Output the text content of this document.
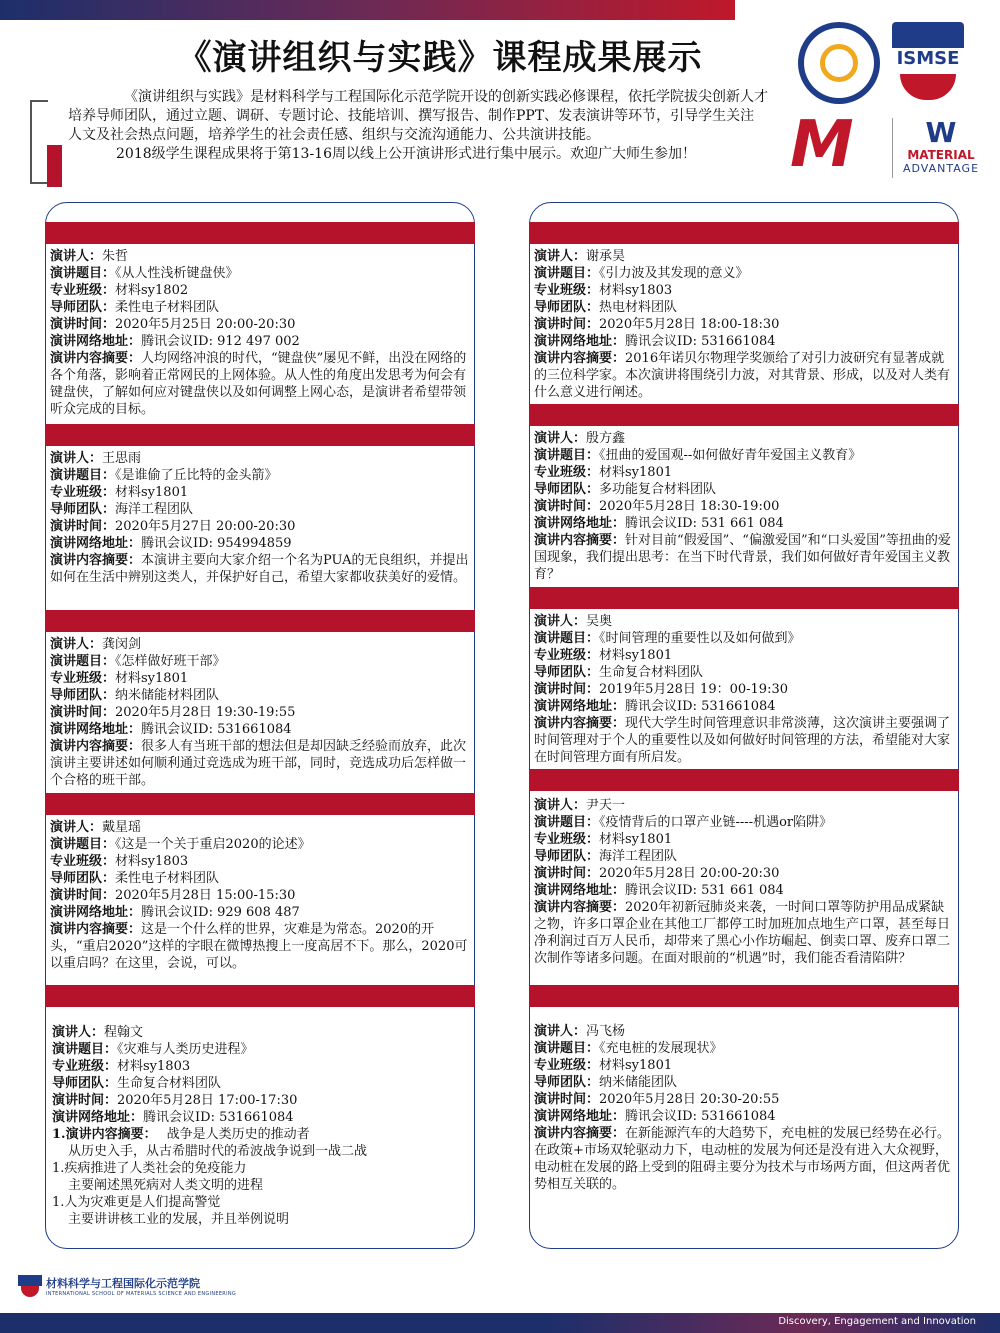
《演讲组织与实践》课程成果展示

《演讲组织与实践》是材料科学与工程国际化示范学院开设的创新实践必修课程，依托学院拔尖创新人才培养导师团队，通过立题、调研、专题讨论、技能培训、撰写报告、制作PPT、发表演讲等环节，引导学生关注人文及社会热点问题，培养学生的社会责任感、组织与交流沟通能力、公共演讲技能。

2018级学生课程成果将于第13-16周以线上公开演讲形式进行集中展示。欢迎广大师生参加！

ISMSE
M	W
MATERIAL
ADVANTAGE
演讲人：朱哲
演讲题目：《从人性浅析键盘侠》
专业班级：材料sy1802
导师团队：柔性电子材料团队
演讲时间：2020年5月25日 20:00-20:30
演讲网络地址：腾讯会议ID: 912 497 002
演讲内容摘要：人均网络冲浪的时代，“键盘侠”屡见不鲜，出没在网络的各个角落，影响着正常网民的上网体验。从人性的角度出发思考为何会有键盘侠，了解如何应对键盘侠以及如何调整上网心态，是演讲者希望带领听众完成的目标。
演讲人：王思雨
演讲题目：《是谁偷了丘比特的金头箭》
专业班级：材料sy1801
导师团队：海洋工程团队
演讲时间：2020年5月27日 20:00-20:30
演讲网络地址：腾讯会议ID: 954994859
演讲内容摘要：本演讲主要向大家介绍一个名为PUA的无良组织，并提出如何在生活中辨别这类人，并保护好自己，希望大家都收获美好的爱情。
演讲人：龚闵剑
演讲题目：《怎样做好班干部》
专业班级：材料sy1801
导师团队：纳米储能材料团队
演讲时间：2020年5月28日 19:30-19:55
演讲网络地址：腾讯会议ID: 531661084
演讲内容摘要：很多人有当班干部的想法但是却因缺乏经验而放弃，此次演讲主要讲述如何顺利通过竞选成为班干部，同时，竞选成功后怎样做一个合格的班干部。
演讲人：戴星瑶
演讲题目：《这是一个关于重启2020的论述》
专业班级：材料sy1803
导师团队：柔性电子材料团队
演讲时间：2020年5月28日 15:00-15:30
演讲网络地址：腾讯会议ID: 929 608 487
演讲内容摘要：这是一个什么样的世界，灾难是为常态。2020的开头，“重启2020”这样的字眼在微博热搜上一度高居不下。那么，2020可以重启吗？在这里，会说，可以。
演讲人：程翰文
演讲题目：《灾难与人类历史进程》
专业班级：材料sy1803
导师团队：生命复合材料团队
演讲时间：2020年5月28日 17:00-17:30
演讲网络地址：腾讯会议ID: 531661084
1.演讲内容摘要： 战争是人类历史的推动者
从历史入手，从古希腊时代的希波战争说到一战二战
1.疾病推进了人类社会的免疫能力
主要阐述黑死病对人类文明的进程
1.人为灾难更是人们提高警觉
主要讲讲核工业的发展，并且举例说明
演讲人：谢承昊
演讲题目：《引力波及其发现的意义》
专业班级：材料sy1803
导师团队：热电材料团队
演讲时间：2020年5月28日 18:00-18:30
演讲网络地址：腾讯会议ID: 531661084
演讲内容摘要：2016年诺贝尔物理学奖颁给了对引力波研究有显著成就的三位科学家。本次演讲将围绕引力波，对其背景、形成，以及对人类有什么意义进行阐述。
演讲人：殷方鑫
演讲题目：《扭曲的爱国观--如何做好青年爱国主义教育》
专业班级：材料sy1801
导师团队：多功能复合材料团队
演讲时间：2020年5月28日 18:30-19:00
演讲网络地址：腾讯会议ID: 531 661 084
演讲内容摘要：针对目前“假爱国”、“偏激爱国”和“口头爱国”等扭曲的爱国现象，我们提出思考：在当下时代背景，我们如何做好青年爱国主义教育？
演讲人：吴奥
演讲题目：《时间管理的重要性以及如何做到》
专业班级：材料sy1801
导师团队：生命复合材料团队
演讲时间：2019年5月28日 19：00-19:30
演讲网络地址：腾讯会议ID: 531661084
演讲内容摘要：现代大学生时间管理意识非常淡薄，这次演讲主要强调了时间管理对于个人的重要性以及如何做好时间管理的方法，希望能对大家在时间管理方面有所启发。
演讲人：尹天一
演讲题目：《疫情背后的口罩产业链----机遇or陷阱》
专业班级：材料sy1801
导师团队：海洋工程团队
演讲时间：2020年5月28日 20:00-20:30
演讲网络地址：腾讯会议ID: 531 661 084
演讲内容摘要：2020年初新冠肺炎来袭，一时间口罩等防护用品成紧缺之物，许多口罩企业在其他工厂都停工时加班加点地生产口罩，甚至每日净利润过百万人民币，却带来了黑心小作坊崛起、倒卖口罩、废弃口罩二次制作等诸多问题。在面对眼前的“机遇”时，我们能否看清陷阱？
演讲人：冯飞杨
演讲题目：《充电桩的发展现状》
专业班级：材料sy1801
导师团队：纳米储能团队
演讲时间：2020年5月28日 20:30-20:55
演讲网络地址：腾讯会议ID: 531661084
演讲内容摘要：在新能源汽车的大趋势下，充电桩的发展已经势在必行。在政策+市场双轮驱动力下，电动桩的发展为何还是没有进入大众视野，电动桩在发展的路上受到的阻碍主要分为技术与市场两方面，但这两者优势相互关联的。
材料科学与工程国际化示范学院
INTERNATIONAL SCHOOL OF MATERIALS SCIENCE AND ENGINEERING
Discovery, Engagement and Innovation
